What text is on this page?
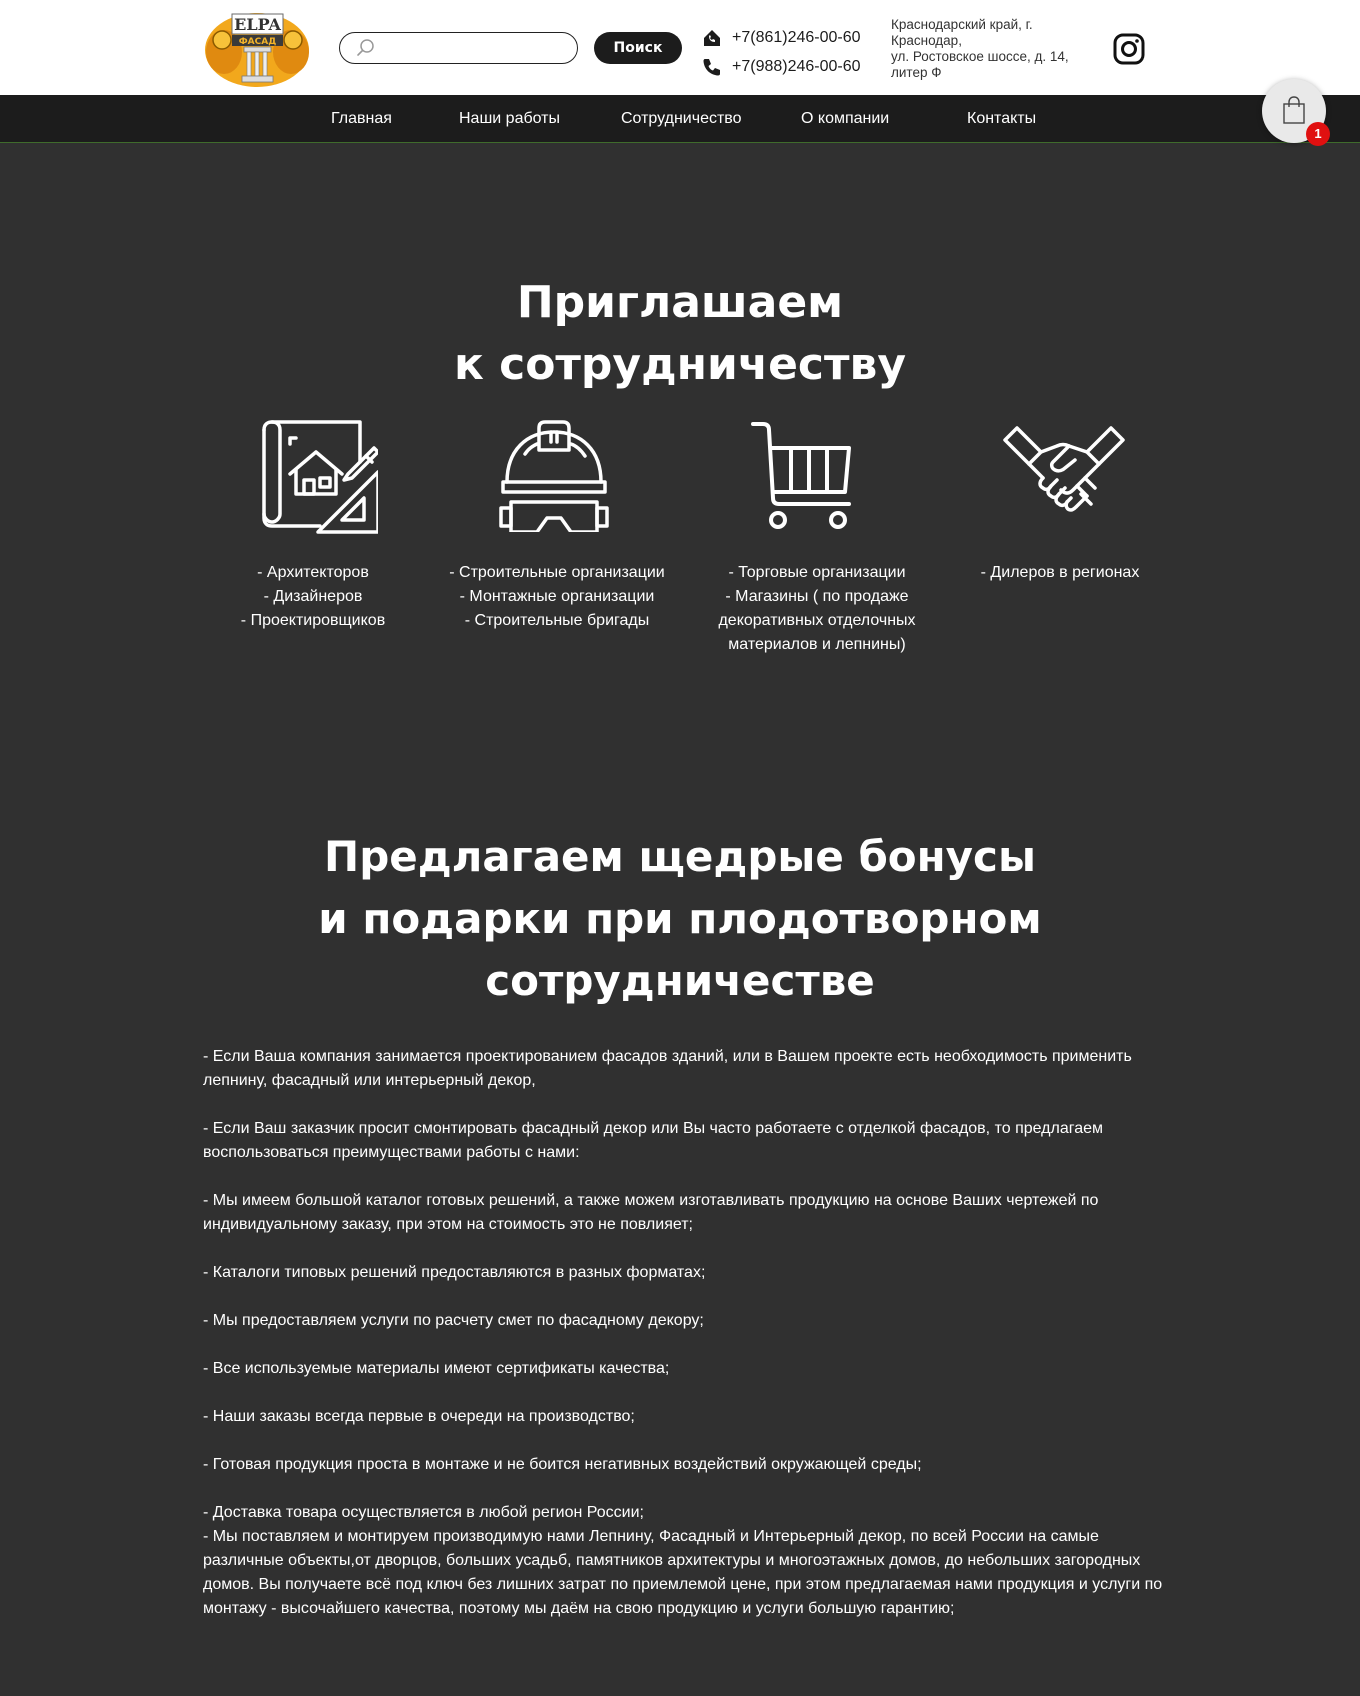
ELPA
ФАСАД	Поиск
+7(861)246-00-60
+7(988)246-00-60
Краснодарский край, г.
Краснодар,
ул. Ростовское шоссе, д. 14,
литер Ф
Главная	Наши работы	Сотрудничество	О компании	Контакты
1
Приглашаем
к сотрудничеству
- Архитекторов
- Дизайнеров
- Проектировщиков
- Строительные организации
- Монтажные организации
- Строительные бригады
- Торговые организации
- Магазины ( по продаже
декоративных отделочных
материалов и лепнины)
- Дилеров в регионах
Предлагаем щедрые бонусы
и подарки при плодотворном
сотрудничестве
- Если Ваша компания занимается проектированием фасадов зданий, или в Вашем проекте есть необходимость применить лепнину, фасадный или интерьерный декор,
- Если Ваш заказчик просит смонтировать фасадный декор или Вы часто работаете с отделкой фасадов, то предлагаем воспользоваться преимуществами работы с нами:
- Мы имеем большой каталог готовых решений, а также можем изготавливать продукцию на основе Ваших чертежей по индивидуальному заказу, при этом на стоимость это не повлияет;
- Каталоги типовых решений предоставляются в разных форматах;
- Мы предоставляем услуги по расчету смет по фасадному декору;
- Все используемые материалы имеют сертификаты качества;
- Наши заказы всегда первые в очереди на производство;
- Готовая продукция проста в монтаже и не боится негативных воздействий окружающей среды;
- Доставка товара осуществляется в любой регион России;
- Мы поставляем и монтируем производимую нами Лепнину, Фасадный и Интерьерный декор, по всей России на самые различные объекты,от дворцов, больших усадьб, памятников архитектуры и многоэтажных домов, до небольших загородных домов. Вы получаете всё под ключ без лишних затрат по приемлемой цене, при этом предлагаемая нами продукция и услуги по монтажу - высочайшего качества, поэтому мы даём на свою продукцию и услуги большую гарантию;
